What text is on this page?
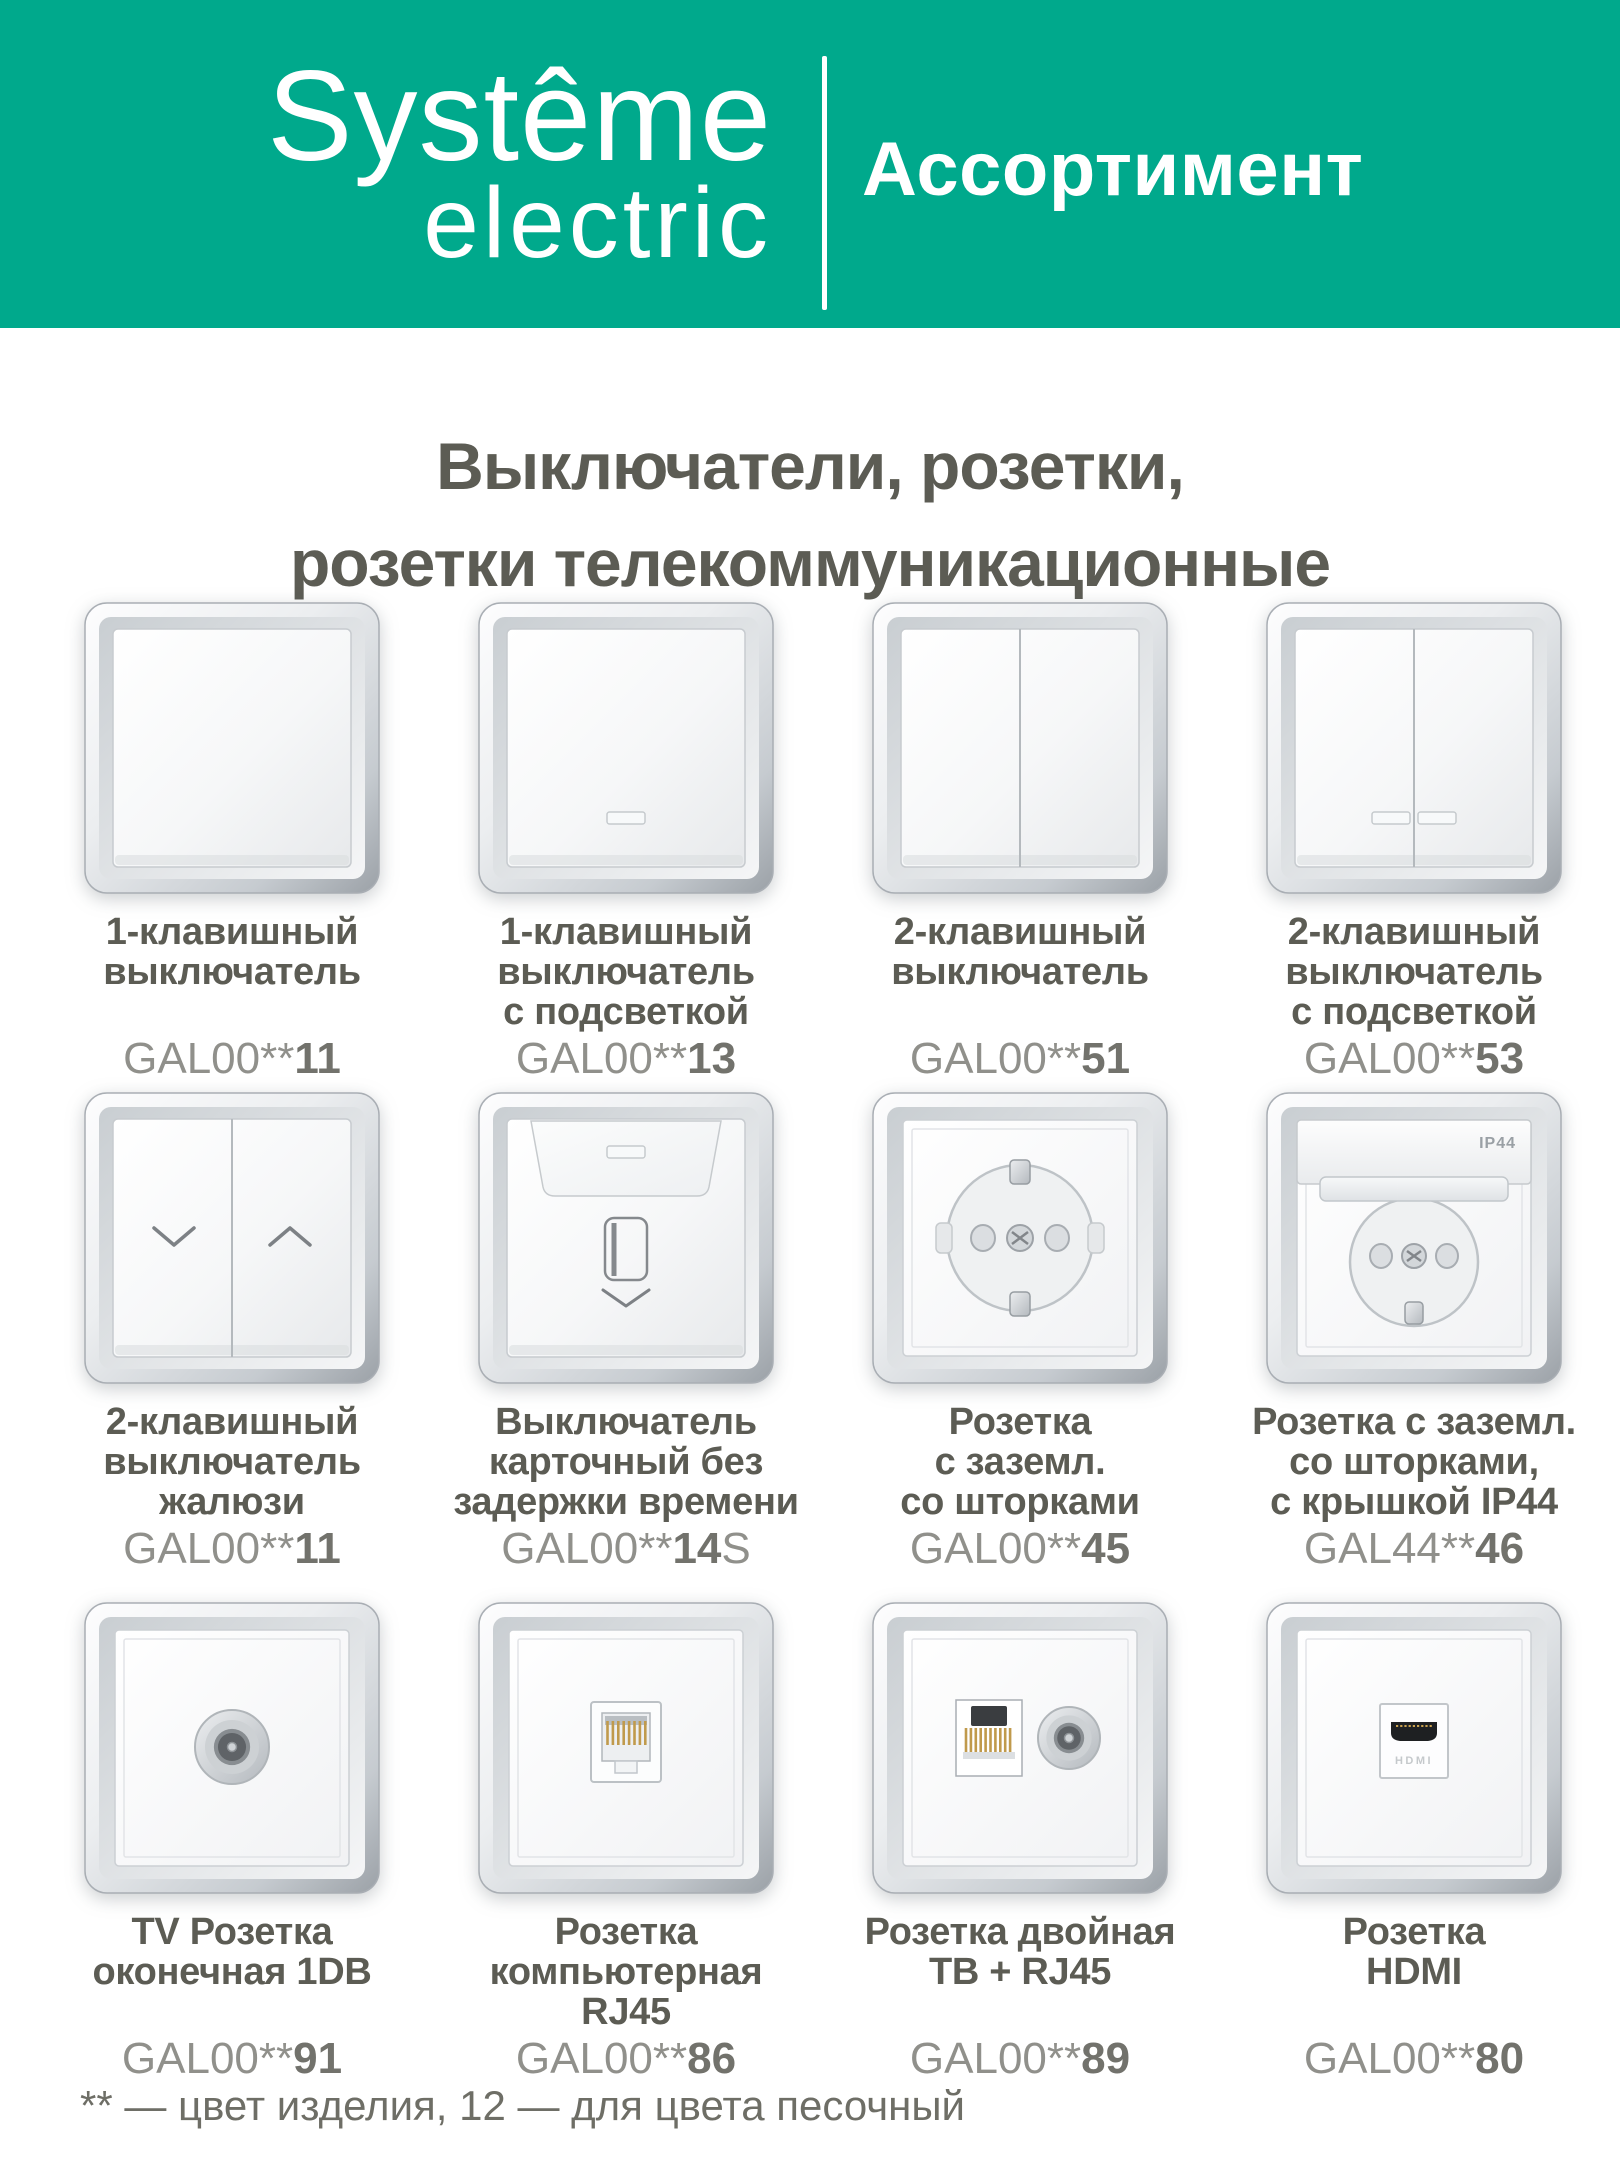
Systême
electric Ассортимент
Выключатели, розетки,
розетки телекоммуникационные
1-клавишный
выключатель
GAL00**11
1-клавишный
выключатель
с подсветкой
GAL00**13
2-клавишный
выключатель
GAL00**51
2-клавишный
выключатель
с подсветкой
GAL00**53
2-клавишный
выключатель
жалюзи
GAL00**11
Выключатель
карточный без
задержки времени
GAL00**14S
Розетка
с заземл.
со шторками
GAL00**45
IP44
Розетка с заземл.
со шторками,
с крышкой IP44
GAL44**46
TV Розетка
оконечная 1DB
GAL00**91
Розетка
компьютерная
RJ45
GAL00**86
Розетка двойная
ТВ + RJ45
GAL00**89
HDMI
Розетка
HDMI
GAL00**80
** — цвет изделия, 12 — для цвета песочный
